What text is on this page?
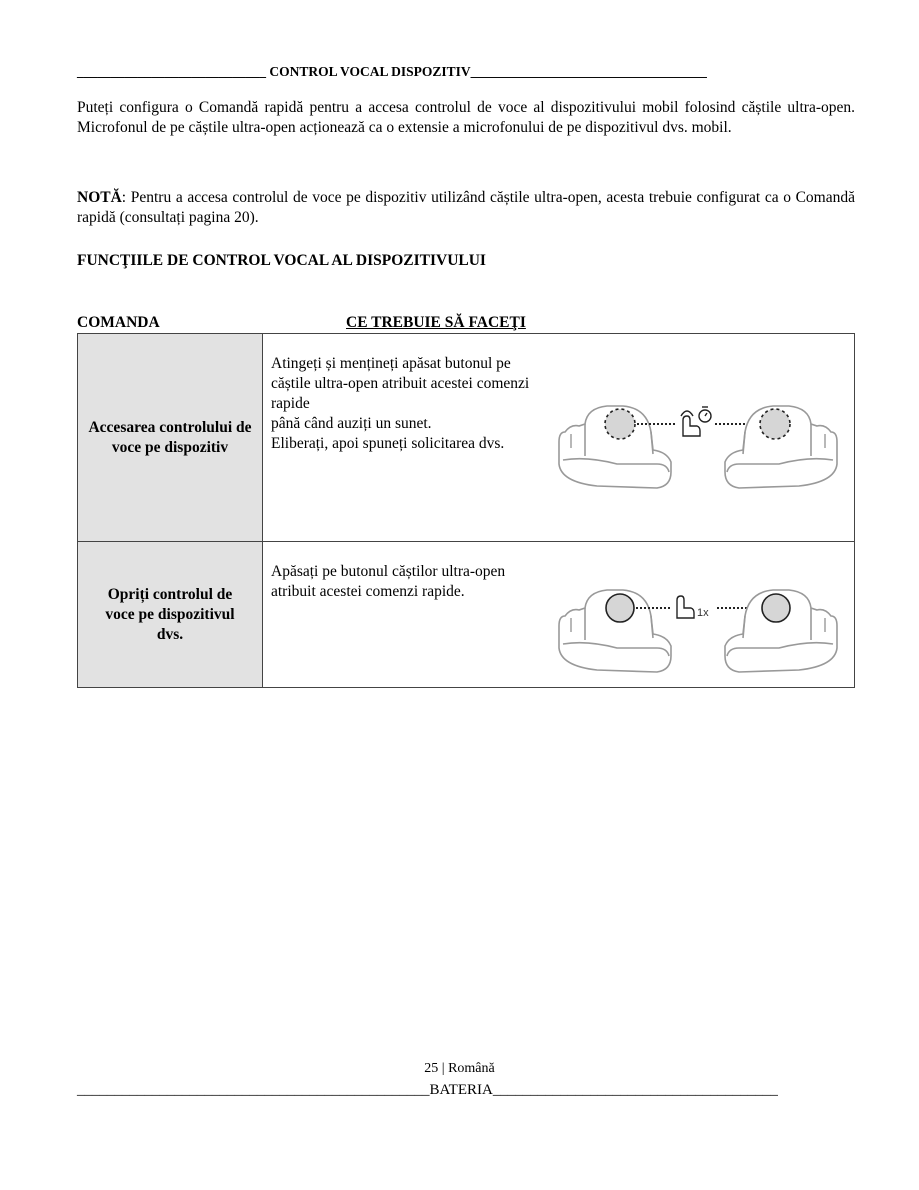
____________________________ CONTROL VOCAL DISPOZITIV___________________________________
Puteți configura o Comandă rapidă pentru a accesa controlul de voce al dispozitivului mobil folosind căștile ultra-open. Microfonul de pe căștile ultra-open acționează ca o extensie a microfonului de pe dispozitivul dvs. mobil.
NOTĂ: Pentru a accesa controlul de voce pe dispozitiv utilizând căștile ultra-open, acesta trebuie configurat ca o Comandă rapidă (consultați pagina 20).
FUNCŢIILE DE CONTROL VOCAL AL DISPOZITIVULUI
COMANDA	CE TREBUIE SĂ FACEŢI
Accesarea controlului de voce pe dispozitiv	Atingeți și mențineți apăsat butonul pe
căștile ultra-open atribuit acestei comenzi rapide
până când auziți un sunet.
Eliberați, apoi spuneți solicitarea dvs.

Opriți controlul de voce pe dispozitivul dvs.	Apăsați pe butonul căștilor ultra-open
atribuit acestei comenzi rapide.
1x
25 | Română
_______________________________________________BATERIA______________________________________
